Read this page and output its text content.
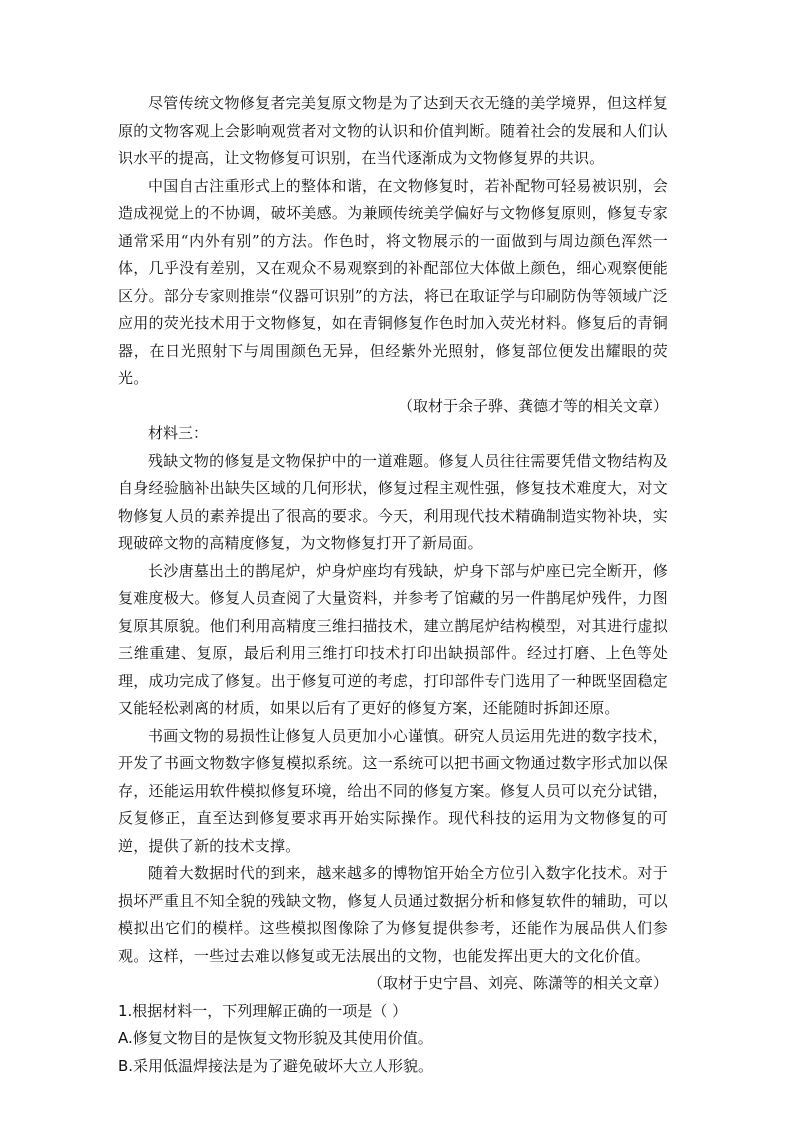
尽管传统文物修复者完美复原文物是为了达到天衣无缝的美学境界，但这样复原的文物客观上会影响观赏者对文物的认识和价值判断。随着社会的发展和人们认识水平的提高，让文物修复可识别，在当代逐渐成为文物修复界的共识。

中国自古注重形式上的整体和谐，在文物修复时，若补配物可轻易被识别，会造成视觉上的不协调，破坏美感。为兼顾传统美学偏好与文物修复原则，修复专家通常采用“内外有别”的方法。作色时，将文物展示的一面做到与周边颜色浑然一体，几乎没有差别，又在观众不易观察到的补配部位大体做上颜色，细心观察便能区分。部分专家则推崇“仪器可识别”的方法，将已在取证学与印刷防伪等领域广泛应用的荧光技术用于文物修复，如在青铜修复作色时加入荧光材料。修复后的青铜器，在日光照射下与周围颜色无异，但经紫外光照射，修复部位便发出耀眼的荧光。

（取材于余子骅、龚德才等的相关文章）

材料三：

残缺文物的修复是文物保护中的一道难题。修复人员往往需要凭借文物结构及自身经验脑补出缺失区域的几何形状，修复过程主观性强，修复技术难度大，对文物修复人员的素养提出了很高的要求。今天，利用现代技术精确制造实物补块，实现破碎文物的高精度修复，为文物修复打开了新局面。

长沙唐墓出土的鹊尾炉，炉身炉座均有残缺，炉身下部与炉座已完全断开，修复难度极大。修复人员查阅了大量资料，并参考了馆藏的另一件鹊尾炉残件，力图复原其原貌。他们利用高精度三维扫描技术，建立鹊尾炉结构模型，对其进行虚拟三维重建、复原，最后利用三维打印技术打印出缺损部件。经过打磨、上色等处理，成功完成了修复。出于修复可逆的考虑，打印部件专门选用了一种既坚固稳定又能轻松剥离的材质，如果以后有了更好的修复方案，还能随时拆卸还原。

书画文物的易损性让修复人员更加小心谨慎。研究人员运用先进的数字技术，开发了书画文物数字修复模拟系统。这一系统可以把书画文物通过数字形式加以保存，还能运用软件模拟修复环境，给出不同的修复方案。修复人员可以充分试错，反复修正，直至达到修复要求再开始实际操作。现代科技的运用为文物修复的可逆，提供了新的技术支撑。

随着大数据时代的到来，越来越多的博物馆开始全方位引入数字化技术。对于损坏严重且不知全貌的残缺文物，修复人员通过数据分析和修复软件的辅助，可以模拟出它们的模样。这些模拟图像除了为修复提供参考，还能作为展品供人们参观。这样，一些过去难以修复或无法展出的文物，也能发挥出更大的文化价值。

（取材于史宁昌、刘亮、陈潇等的相关文章）

1.根据材料一，下列理解正确的一项是（ ）

A.修复文物目的是恢复文物形貌及其使用价值。

B.采用低温焊接法是为了避免破坏大立人形貌。
